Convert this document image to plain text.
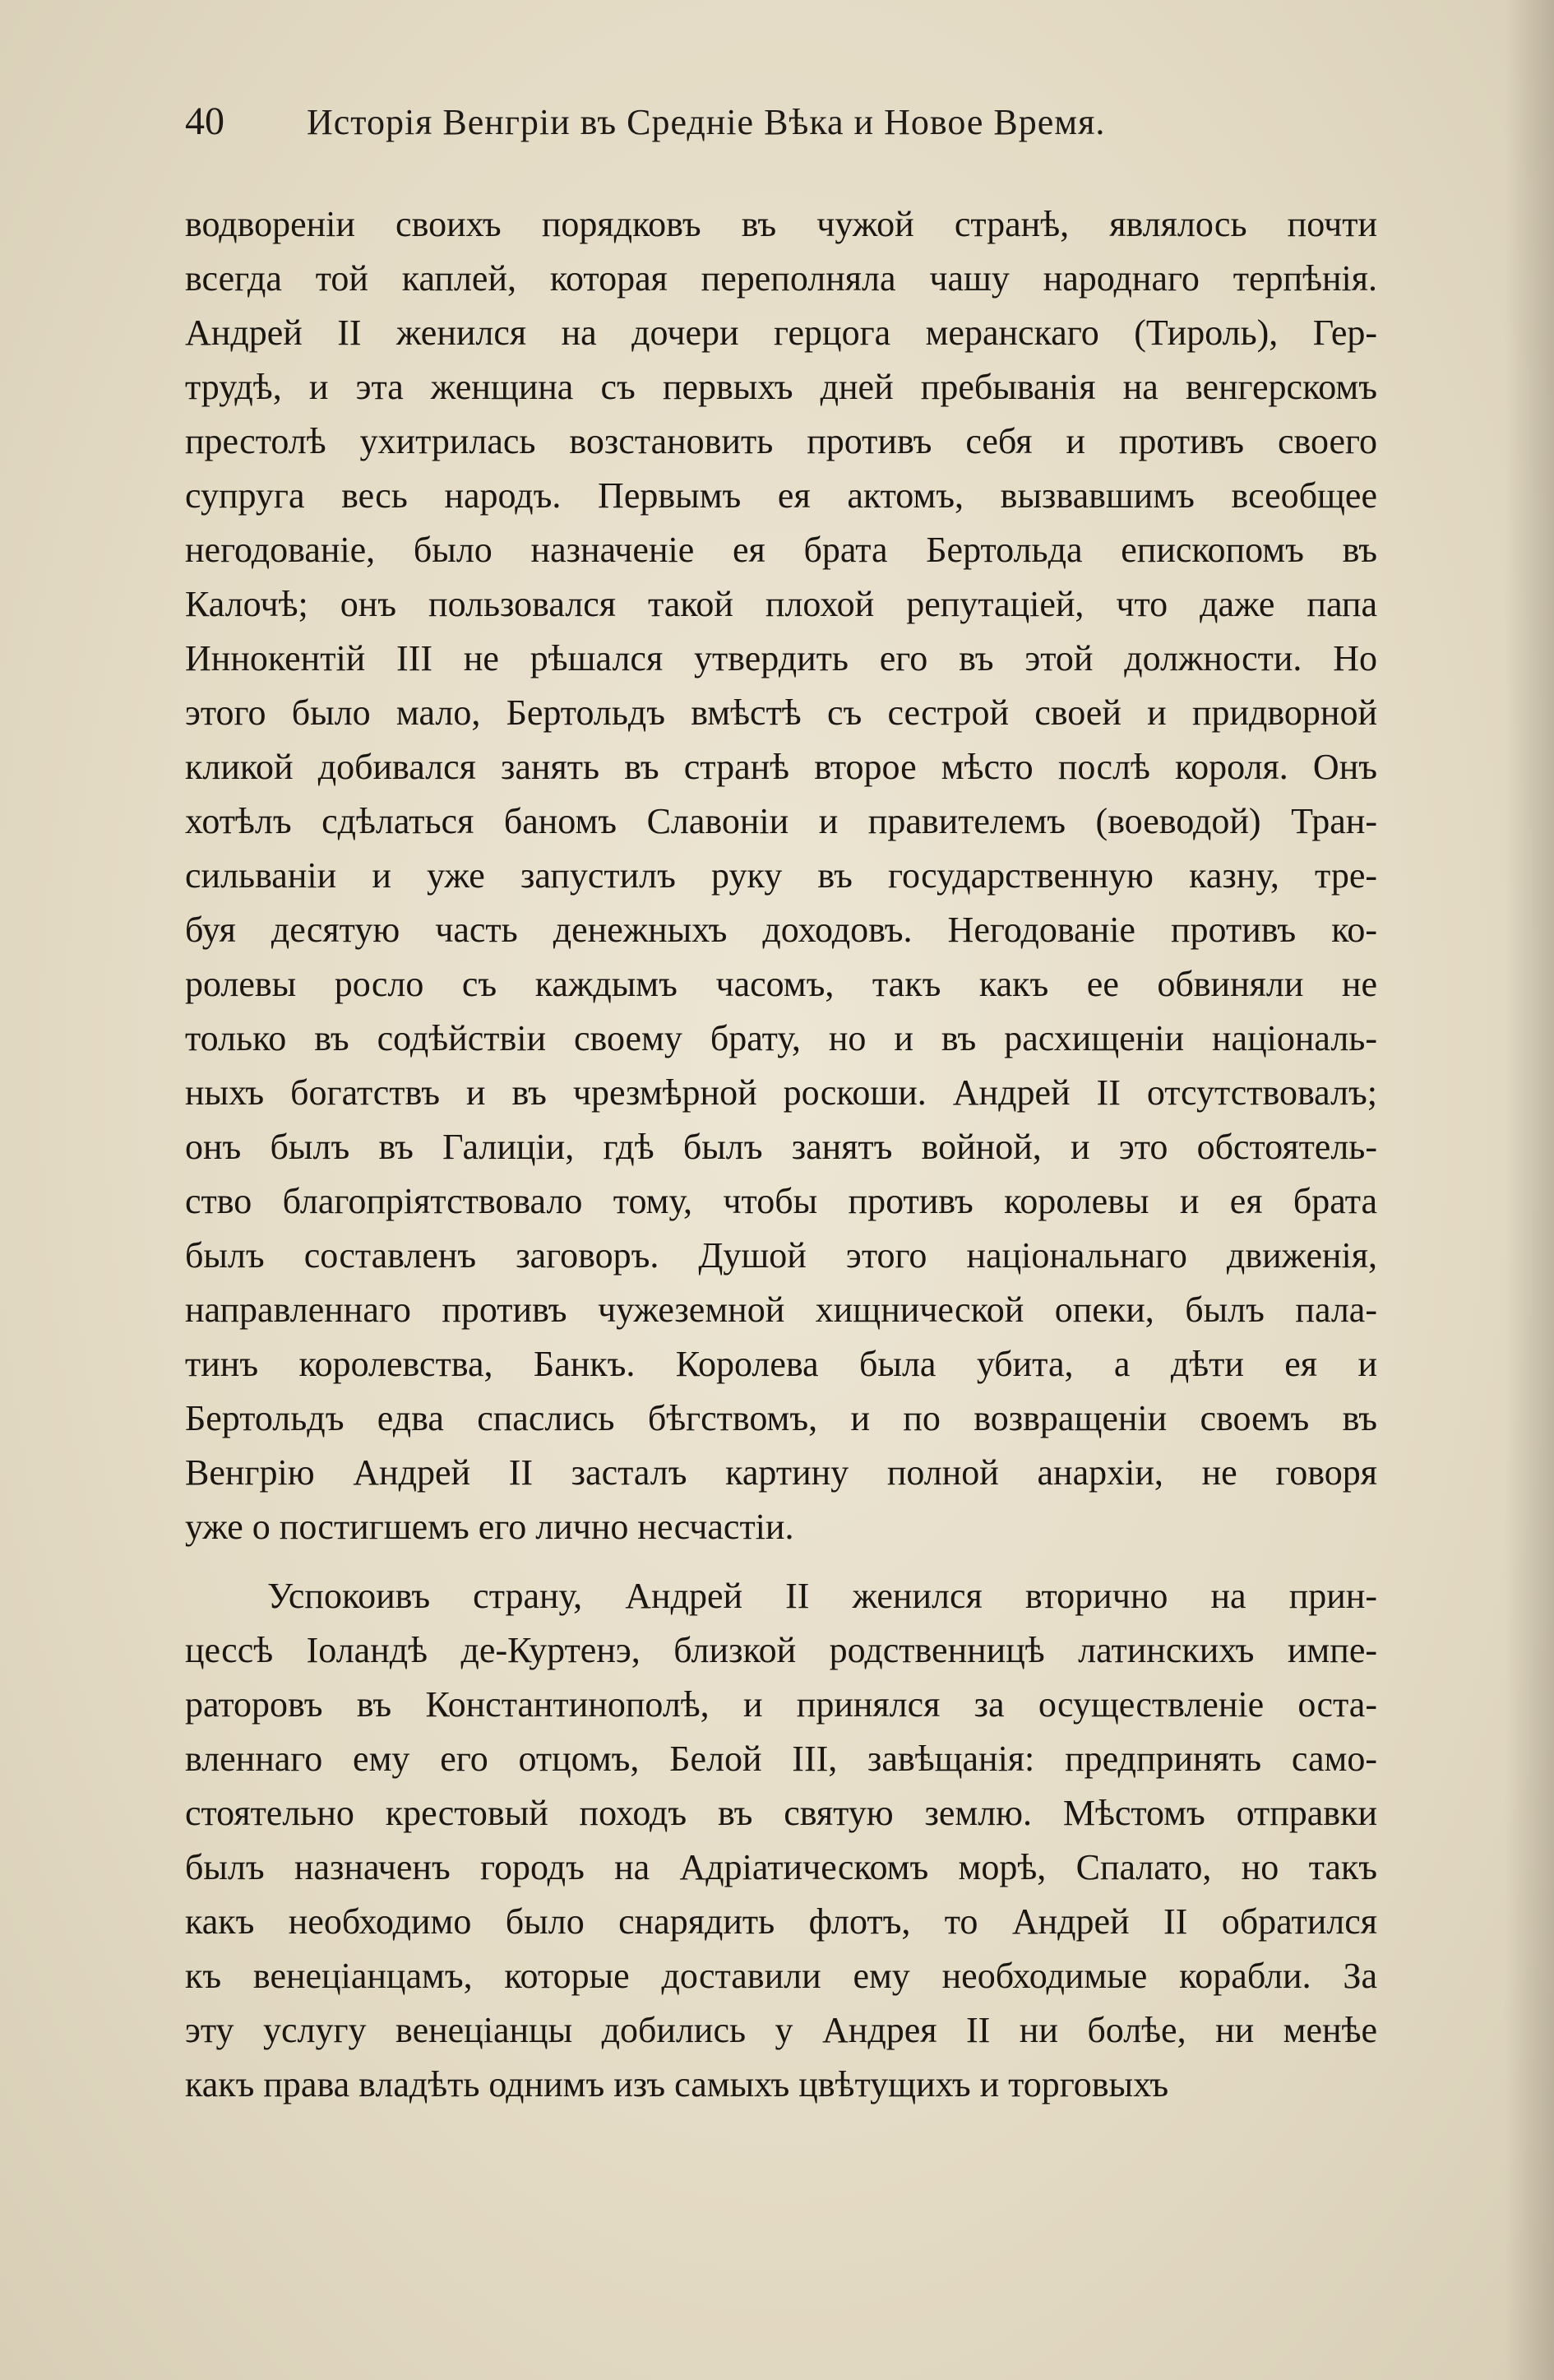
40 Исторія Венгріи въ Средніе Вѣка и Новое Время.
водвореніи своихъ порядковъ въ чужой странѣ, являлось почти
всегда той каплей, которая переполняла чашу народнаго терпѣнія.
Андрей II женился на дочери герцога меранскаго (Тироль), Гер-
трудѣ, и эта женщина съ первыхъ дней пребыванія на венгерскомъ
престолѣ ухитрилась возстановить противъ себя и противъ своего
супруга весь народъ. Первымъ ея актомъ, вызвавшимъ всеобщее
негодованіе, было назначеніе ея брата Бертольда епископомъ въ
Калочѣ; онъ пользовался такой плохой репутаціей, что даже папа
Иннокентій III не рѣшался утвердить его въ этой должности. Но
этого было мало, Бертольдъ вмѣстѣ съ сестрой своей и придворной
кликой добивался занять въ странѣ второе мѣсто послѣ короля. Онъ
хотѣлъ сдѣлаться баномъ Славоніи и правителемъ (воеводой) Тран-
сильваніи и уже запустилъ руку въ государственную казну, тре-
буя десятую часть денежныхъ доходовъ. Негодованіе противъ ко-
ролевы росло съ каждымъ часомъ, такъ какъ ее обвиняли не
только въ содѣйствіи своему брату, но и въ расхищеніи національ-
ныхъ богатствъ и въ чрезмѣрной роскоши. Андрей II отсутствовалъ;
онъ былъ въ Галиціи, гдѣ былъ занятъ войной, и это обстоятель-
ство благопріятствовало тому, чтобы противъ королевы и ея брата
былъ составленъ заговоръ. Душой этого національнаго движенія,
направленнаго противъ чужеземной хищнической опеки, былъ пала-
тинъ королевства, Банкъ. Королева была убита, а дѣти ея и
Бертольдъ едва спаслись бѣгствомъ, и по возвращеніи своемъ въ
Венгрію Андрей II засталъ картину полной анархіи, не говоря
уже о постигшемъ его лично несчастіи.
Успокоивъ страну, Андрей II женился вторично на прин-
цессѣ Іоландѣ де-Куртенэ, близкой родственницѣ латинскихъ импе-
раторовъ въ Константинополѣ, и принялся за осуществленіе оста-
вленнаго ему его отцомъ, Белой III, завѣщанія: предпринять само-
стоятельно крестовый походъ въ святую землю. Мѣстомъ отправки
былъ назначенъ городъ на Адріатическомъ морѣ, Спалато, но такъ
какъ необходимо было снарядить флотъ, то Андрей II обратился
къ венеціанцамъ, которые доставили ему необходимые корабли. За
эту услугу венеціанцы добились у Андрея II ни болѣе, ни менѣе
какъ права владѣть однимъ изъ самыхъ цвѣтущихъ и торговыхъ
